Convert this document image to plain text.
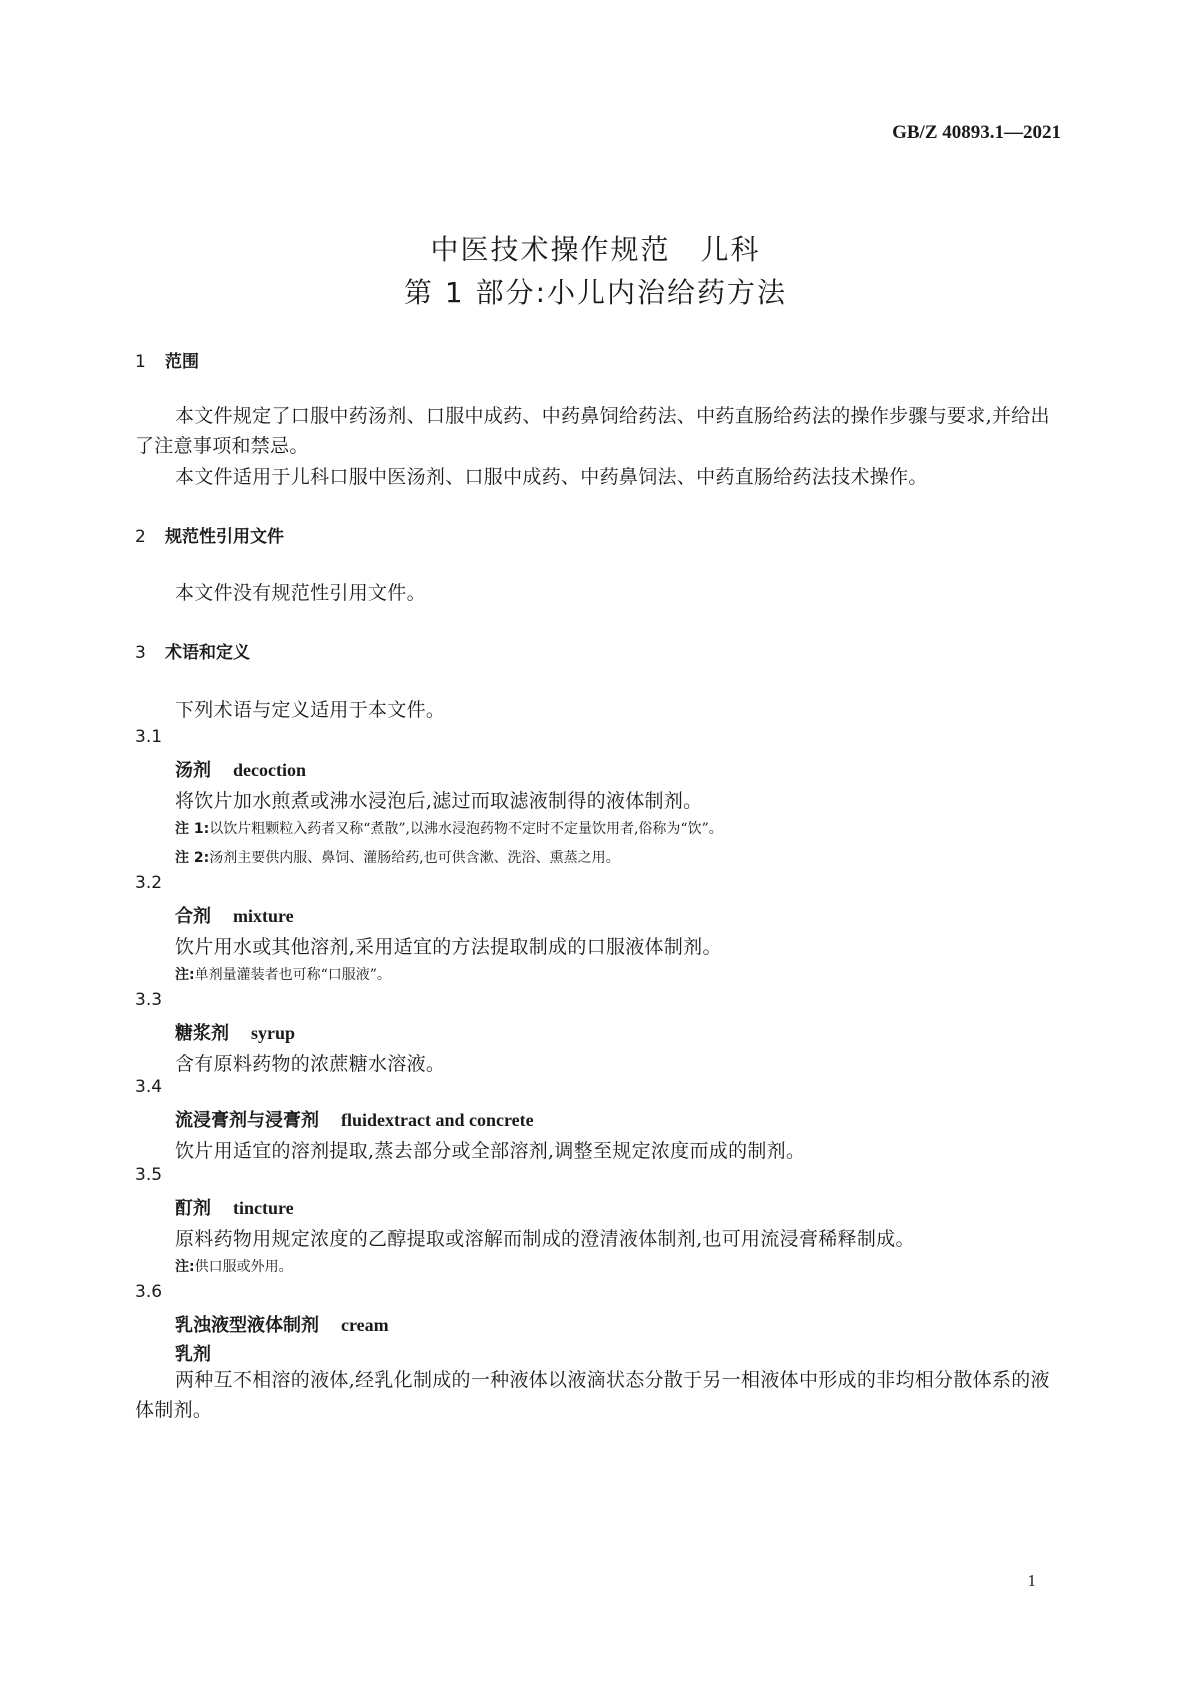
GB/Z 40893.1—2021
中医技术操作规范　儿科
第 1 部分:小儿内治给药方法
1 范围
本文件规定了口服中药汤剂、口服中成药、中药鼻饲给药法、中药直肠给药法的操作步骤与要求,并给出了注意事项和禁忌。
本文件适用于儿科口服中医汤剂、口服中成药、中药鼻饲法、中药直肠给药法技术操作。
2 规范性引用文件
本文件没有规范性引用文件。
3 术语和定义
下列术语与定义适用于本文件。
3.1
汤剂 decoction
将饮片加水煎煮或沸水浸泡后,滤过而取滤液制得的液体制剂。
注 1:以饮片粗颗粒入药者又称“煮散”,以沸水浸泡药物不定时不定量饮用者,俗称为“饮”。
注 2:汤剂主要供内服、鼻饲、灌肠给药,也可供含漱、洗浴、熏蒸之用。
3.2
合剂 mixture
饮片用水或其他溶剂,采用适宜的方法提取制成的口服液体制剂。
注:单剂量灌装者也可称“口服液”。
3.3
糖浆剂 syrup
含有原料药物的浓蔗糖水溶液。
3.4
流浸膏剂与浸膏剂 fluidextract and concrete
饮片用适宜的溶剂提取,蒸去部分或全部溶剂,调整至规定浓度而成的制剂。
3.5
酊剂 tincture
原料药物用规定浓度的乙醇提取或溶解而制成的澄清液体制剂,也可用流浸膏稀释制成。
注:供口服或外用。
3.6
乳浊液型液体制剂 cream
乳剂
两种互不相溶的液体,经乳化制成的一种液体以液滴状态分散于另一相液体中形成的非均相分散体系的液体制剂。
1
